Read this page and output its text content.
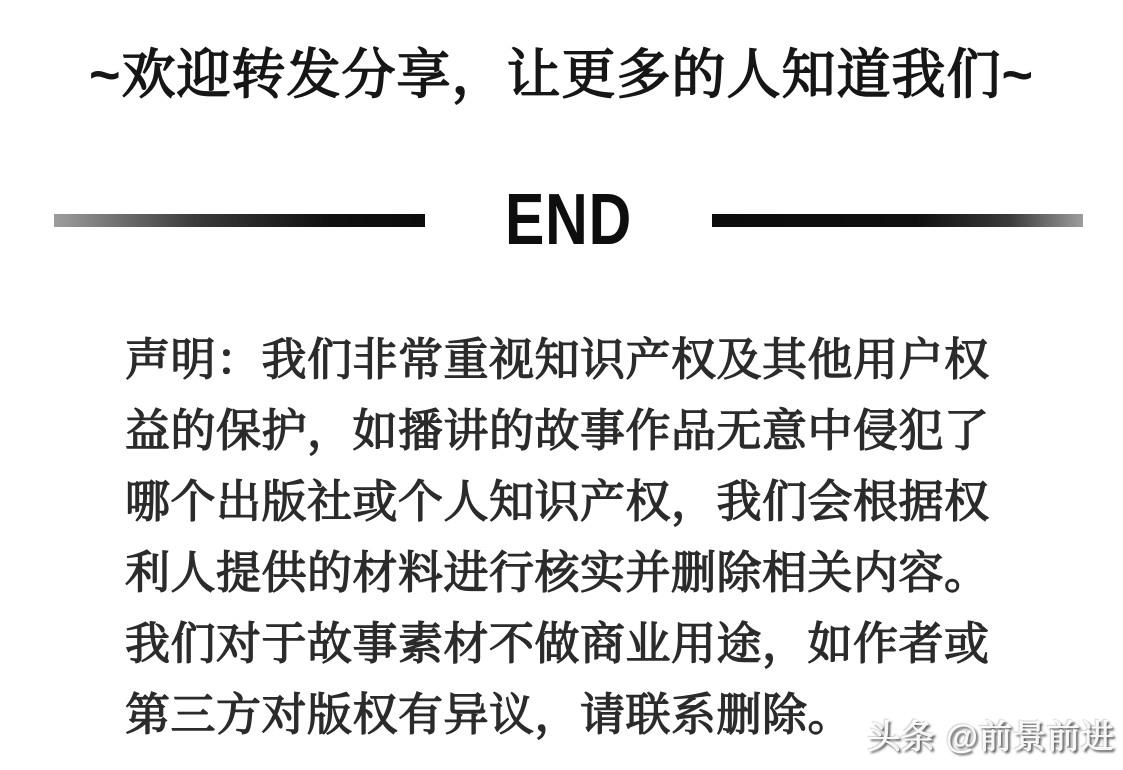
~欢迎转发分享，让更多的人知道我们~
END

声明：我们非常重视知识产权及其他用户权

益的保护，如播讲的故事作品无意中侵犯了

哪个出版社或个人知识产权，我们会根据权

利人提供的材料进行核实并删除相关内容。

我们对于故事素材不做商业用途，如作者或

第三方对版权有异议，请联系删除。 头条 @前景前进
